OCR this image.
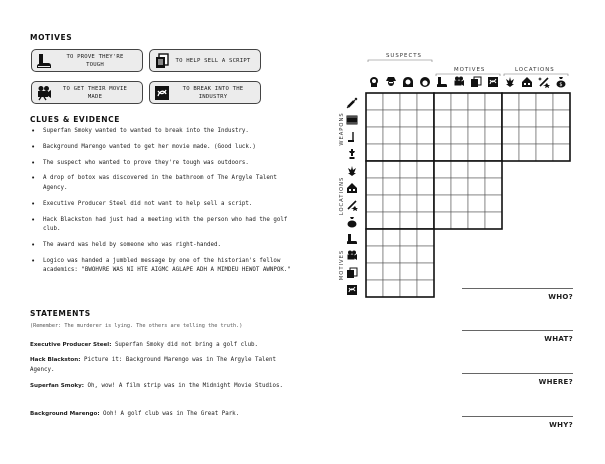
MOTIVES
TO PROVE THEY'RE
TOUGH
TO HELP SELL A SCRIPT
TO GET THEIR MOVIE
MADE
TO BREAK INTO THE
INDUSTRY
CLUES & EVIDENCE
• Superfan Smoky wanted to wanted to break into the Industry.
• Background Marengo wanted to get her movie made. (Good luck.)
• The suspect who wanted to prove they're tough was outdoors.
• A drop of botox was discovered in the bathroom of The Argyle Talent Agency.
• Executive Producer Steel did not want to help sell a script.
• Hack Blackston had just had a meeting with the person who had the golf club.
• The award was held by someone who was right-handed.
• Logico was handed a jumbled message by one of the historian's fellow academics: "BWOHVRE WAS NI HTE AIGMC AGLAPE ADH A MIMDEU HEWOT AWNPOK."
STATEMENTS
(Remember: The murderer is lying. The others are telling the truth.)
Executive Producer Steel: Superfan Smoky did not bring a golf club.
Hack Blackston: Picture it: Background Marengo was in The Argyle Talent Agency.
Superfan Smoky: Oh, wow! A film strip was in the Midnight Movie Studios.
Background Marengo: Ooh! A golf club was in The Great Park.
SUSPECTS
MOTIVES	LOCATIONS
WEAPONS
LOCATIONS
MOTIVES
$
WHO?
WHAT?
WHERE?
WHY?
